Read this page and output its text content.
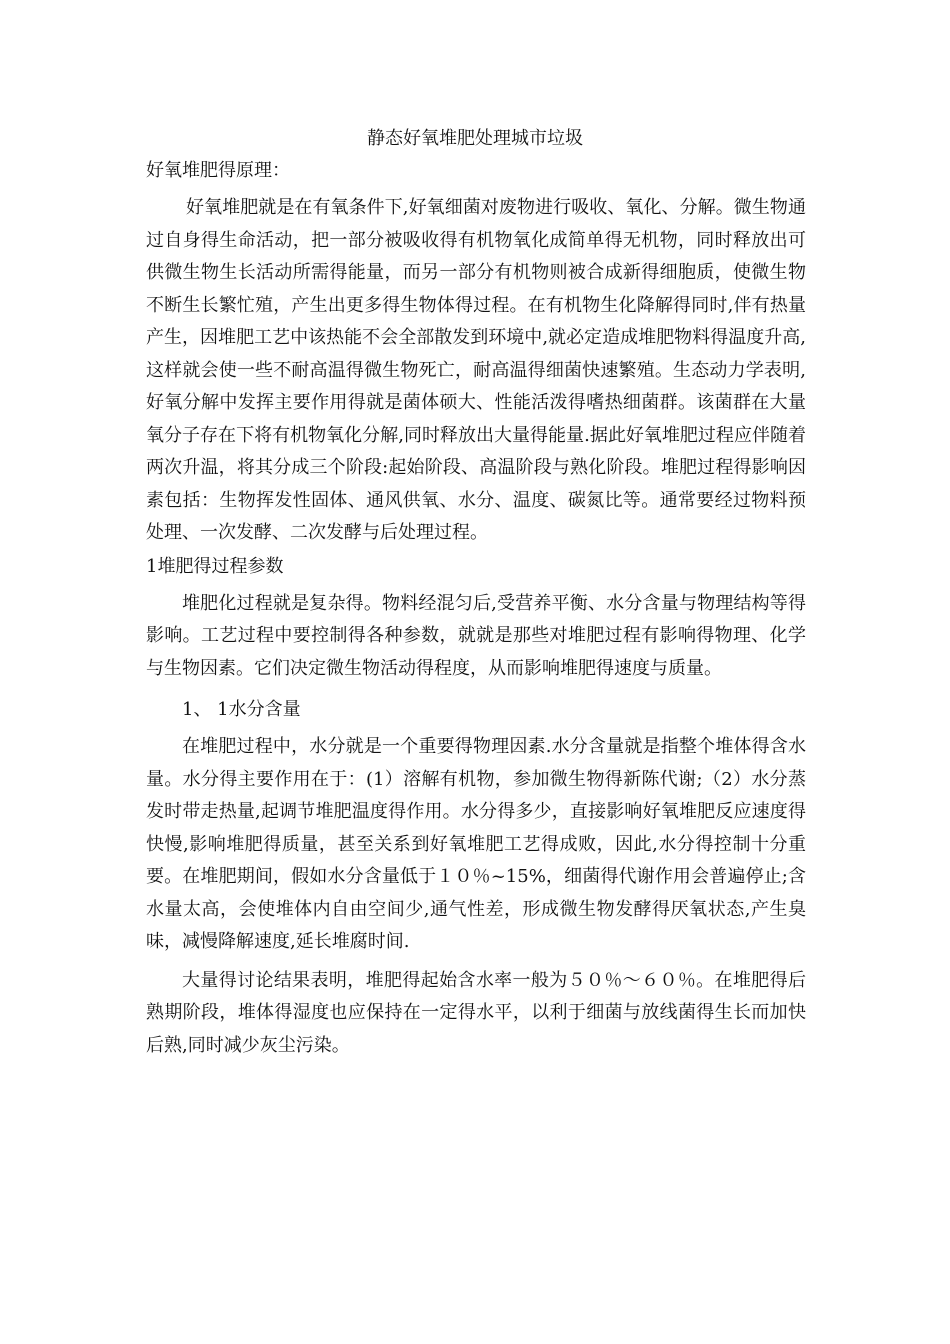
静态好氧堆肥处理城市垃圾

好氧堆肥得原理：

好氧堆肥就是在有氧条件下,好氧细菌对废物进行吸收、氧化、分解。微生物通过自身得生命活动，把一部分被吸收得有机物氧化成简单得无机物，同时释放出可供微生物生长活动所需得能量，而另一部分有机物则被合成新得细胞质，使微生物不断生长繁忙殖，产生出更多得生物体得过程。在有机物生化降解得同时,伴有热量产生，因堆肥工艺中该热能不会全部散发到环境中,就必定造成堆肥物料得温度升高,这样就会使一些不耐高温得微生物死亡，耐高温得细菌快速繁殖。生态动力学表明,好氧分解中发挥主要作用得就是菌体硕大、性能活泼得嗜热细菌群。该菌群在大量氧分子存在下将有机物氧化分解,同时释放出大量得能量.据此好氧堆肥过程应伴随着两次升温，将其分成三个阶段:起始阶段、高温阶段与熟化阶段。堆肥过程得影响因素包括：生物挥发性固体、通风供氧、水分、温度、碳氮比等。通常要经过物料预处理、一次发酵、二次发酵与后处理过程。

1堆肥得过程参数

堆肥化过程就是复杂得。物料经混匀后,受营养平衡、水分含量与物理结构等得影响。工艺过程中要控制得各种参数，就就是那些对堆肥过程有影响得物理、化学与生物因素。它们决定微生物活动得程度，从而影响堆肥得速度与质量。

1、 1水分含量

在堆肥过程中，水分就是一个重要得物理因素.水分含量就是指整个堆体得含水量。水分得主要作用在于：(1）溶解有机物，参加微生物得新陈代谢;（2）水分蒸发时带走热量,起调节堆肥温度得作用。水分得多少，直接影响好氧堆肥反应速度得快慢,影响堆肥得质量，甚至关系到好氧堆肥工艺得成败，因此,水分得控制十分重要。在堆肥期间，假如水分含量低于１０％~15%，细菌得代谢作用会普遍停止;含水量太高，会使堆体内自由空间少,通气性差，形成微生物发酵得厌氧状态,产生臭味，减慢降解速度,延长堆腐时间.

大量得讨论结果表明，堆肥得起始含水率一般为５０％～６０％。在堆肥得后熟期阶段，堆体得湿度也应保持在一定得水平，以利于细菌与放线菌得生长而加快后熟,同时减少灰尘污染。
